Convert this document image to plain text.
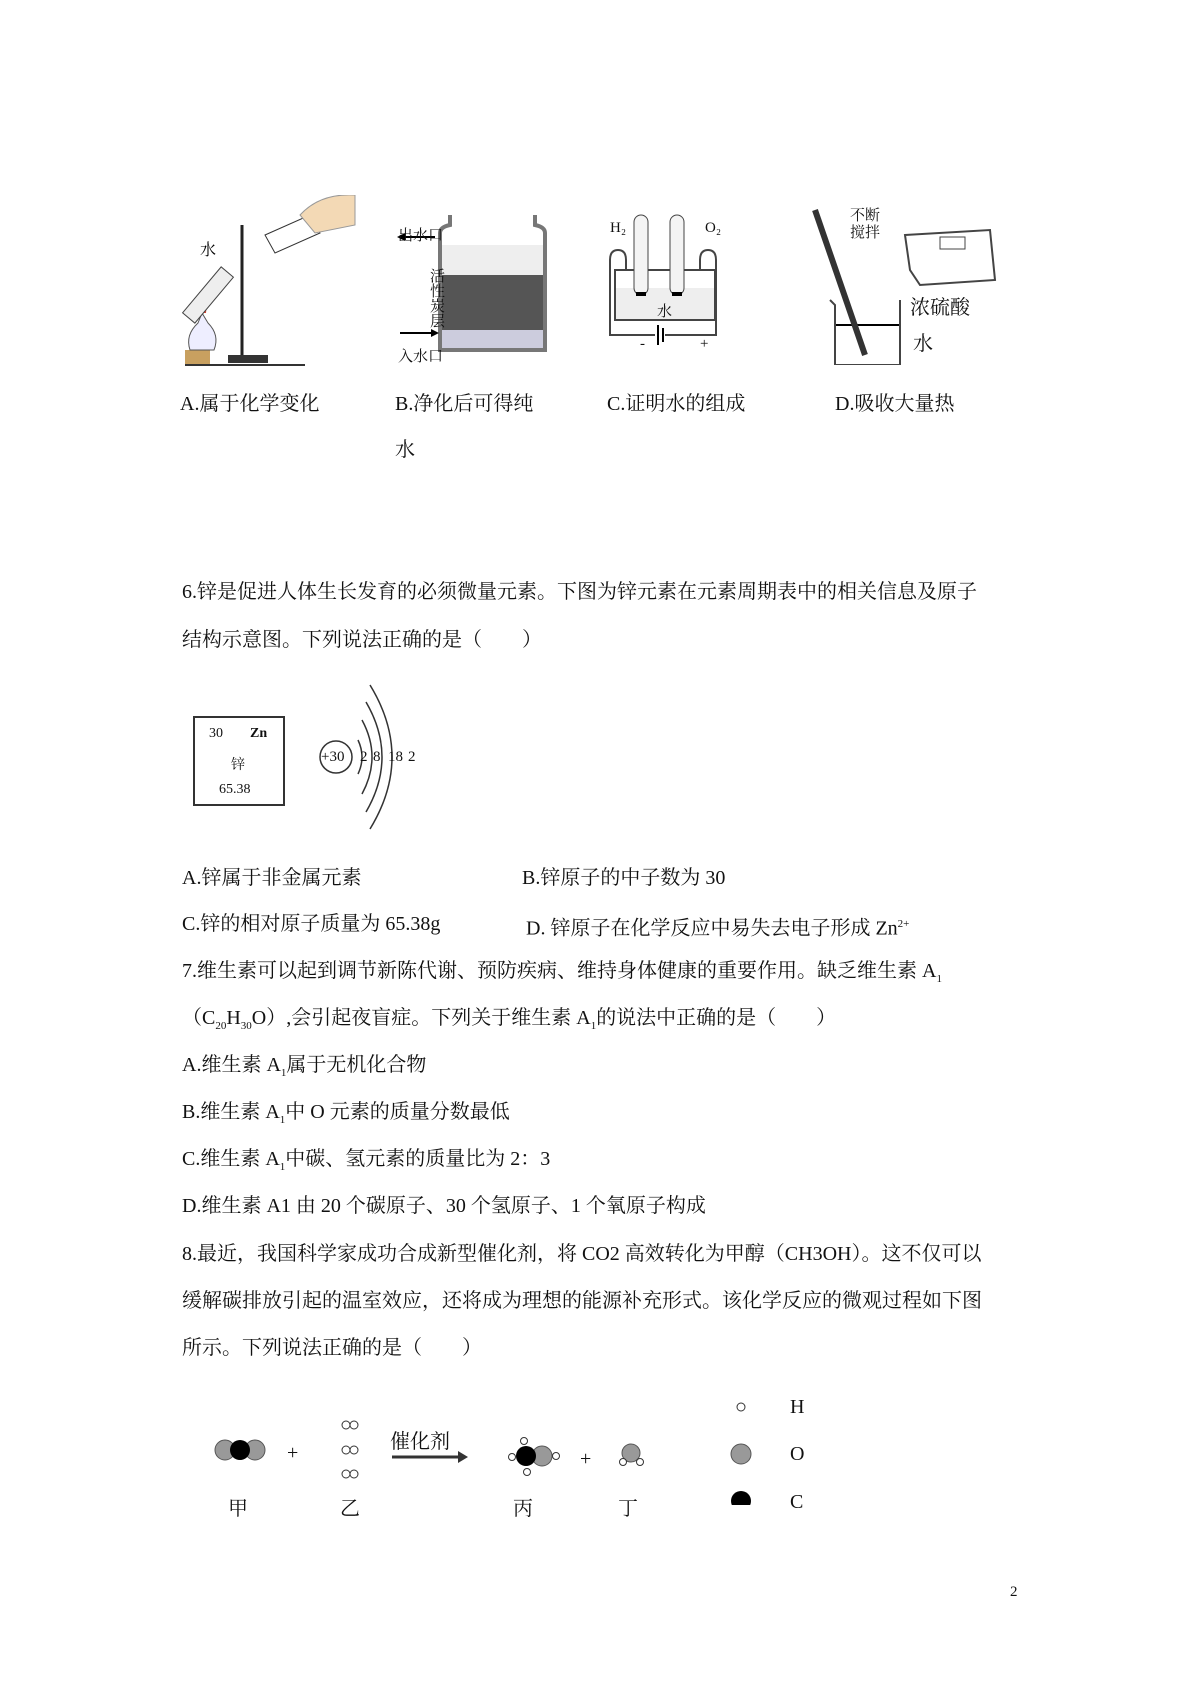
水
A.属于化学变化
出水口
入水口
活性炭层
B.净化后可得纯
水
H₂	O₂
水
-	+
C.证明水的组成
不断搅拌
浓硫酸
水
D.吸收大量热
6.锌是促进人体生长发育的必须微量元素。下图为锌元素在元素周期表中的相关信息及原子
结构示意图。下列说法正确的是（　　）
30 Zn
锌
65.38
+30 2 8 18 2
A.锌属于非金属元素	B.锌原子的中子数为 30
C.锌的相对原子质量为 65.38g	D. 锌原子在化学反应中易失去电子形成 $Zn^{2+}$
7.维生素可以起到调节新陈代谢、预防疾病、维持身体健康的重要作用。缺乏维生素 $A_1$
$(C_{20}H_{30}O)$,会引起夜盲症。下列关于维生素 $A_1$的说法中正确的是（　　）
A.维生素 $A_1$属于无机化合物
B.维生素 $A_1$中 O 元素的质量分数最低
C.维生素 $A_1$中碳、氢元素的质量比为 2：3
D.维生素 A1 由 20 个碳原子、30 个氢原子、1 个氧原子构成
8.最近，我国科学家成功合成新型催化剂，将 CO2 高效转化为甲醇（CH3OH）。这不仅可以
缓解碳排放引起的温室效应，还将成为理想的能源补充形式。该化学反应的微观过程如下图
所示。下列说法正确的是（　　）
+	催化剂
+
甲	乙	丙	丁
H
O
C
2
